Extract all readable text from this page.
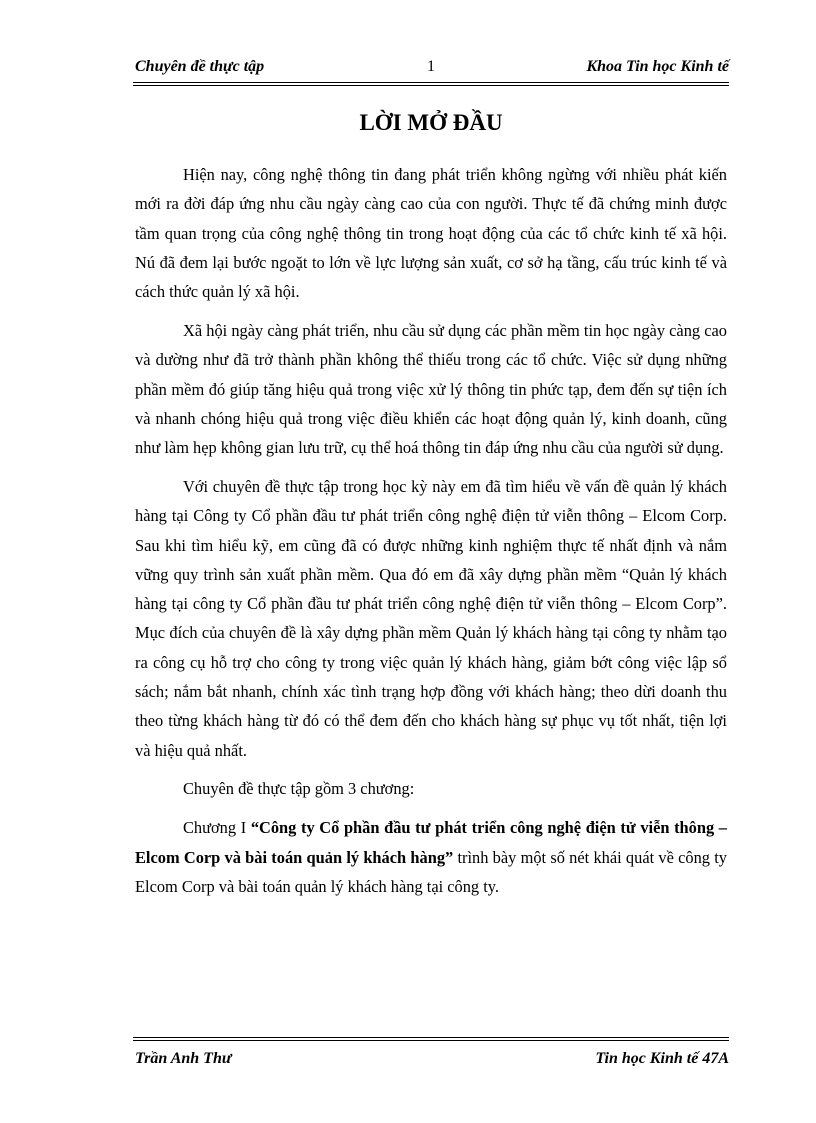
Chuyên đề thực tập	1	Khoa Tin học Kinh tế
LỜI MỞ ĐẦU

Hiện nay, công nghệ thông tin đang phát triển không ngừng với nhiều phát kiến mới ra đời đáp ứng nhu cầu ngày càng cao của con người. Thực tế đã chứng minh được tầm quan trọng của công nghệ thông tin trong hoạt động của các tổ chức kinh tế xã hội. Nú đã đem lại bước ngoặt to lớn về lực lượng sản xuất, cơ sở hạ tầng, cấu trúc kinh tế và cách thức quản lý xã hội.

Xã hội ngày càng phát triển, nhu cầu sử dụng các phần mềm tin học ngày càng cao và dường như đã trở thành phần không thể thiếu trong các tổ chức. Việc sử dụng những phần mềm đó giúp tăng hiệu quả trong việc xử lý thông tin phức tạp, đem đến sự tiện ích và nhanh chóng hiệu quả trong việc điều khiển các hoạt động quản lý, kinh doanh, cũng như làm hẹp không gian lưu trữ, cụ thể hoá thông tin đáp ứng nhu cầu của người sử dụng.

Với chuyên đề thực tập trong học kỳ này em đã tìm hiểu về vấn đề quản lý khách hàng tại Công ty Cổ phần đầu tư phát triển công nghệ điện tử viễn thông – Elcom Corp. Sau khi tìm hiểu kỹ, em cũng đã có được những kinh nghiệm thực tế nhất định và nắm vững quy trình sản xuất phần mềm. Qua đó em đã xây dựng phần mềm “Quản lý khách hàng tại công ty Cổ phần đầu tư phát triển công nghệ điện tử viễn thông – Elcom Corp”. Mục đích của chuyên đề là xây dựng phần mềm Quản lý khách hàng tại công ty nhằm tạo ra công cụ hỗ trợ cho công ty trong việc quản lý khách hàng, giảm bớt công việc lập sổ sách; nắm bắt nhanh, chính xác tình trạng hợp đồng với khách hàng; theo dừi doanh thu theo từng khách hàng từ đó có thể đem đến cho khách hàng sự phục vụ tốt nhất, tiện lợi và hiệu quả nhất.

Chuyên đề thực tập gồm 3 chương:

Chương I “Công ty Cổ phần đầu tư phát triển công nghệ điện tử viễn thông – Elcom Corp và bài toán quản lý khách hàng” trình bày một số nét khái quát về công ty Elcom Corp và bài toán quản lý khách hàng tại công ty.

Trần Anh Thư	Tin học Kinh tế 47A
